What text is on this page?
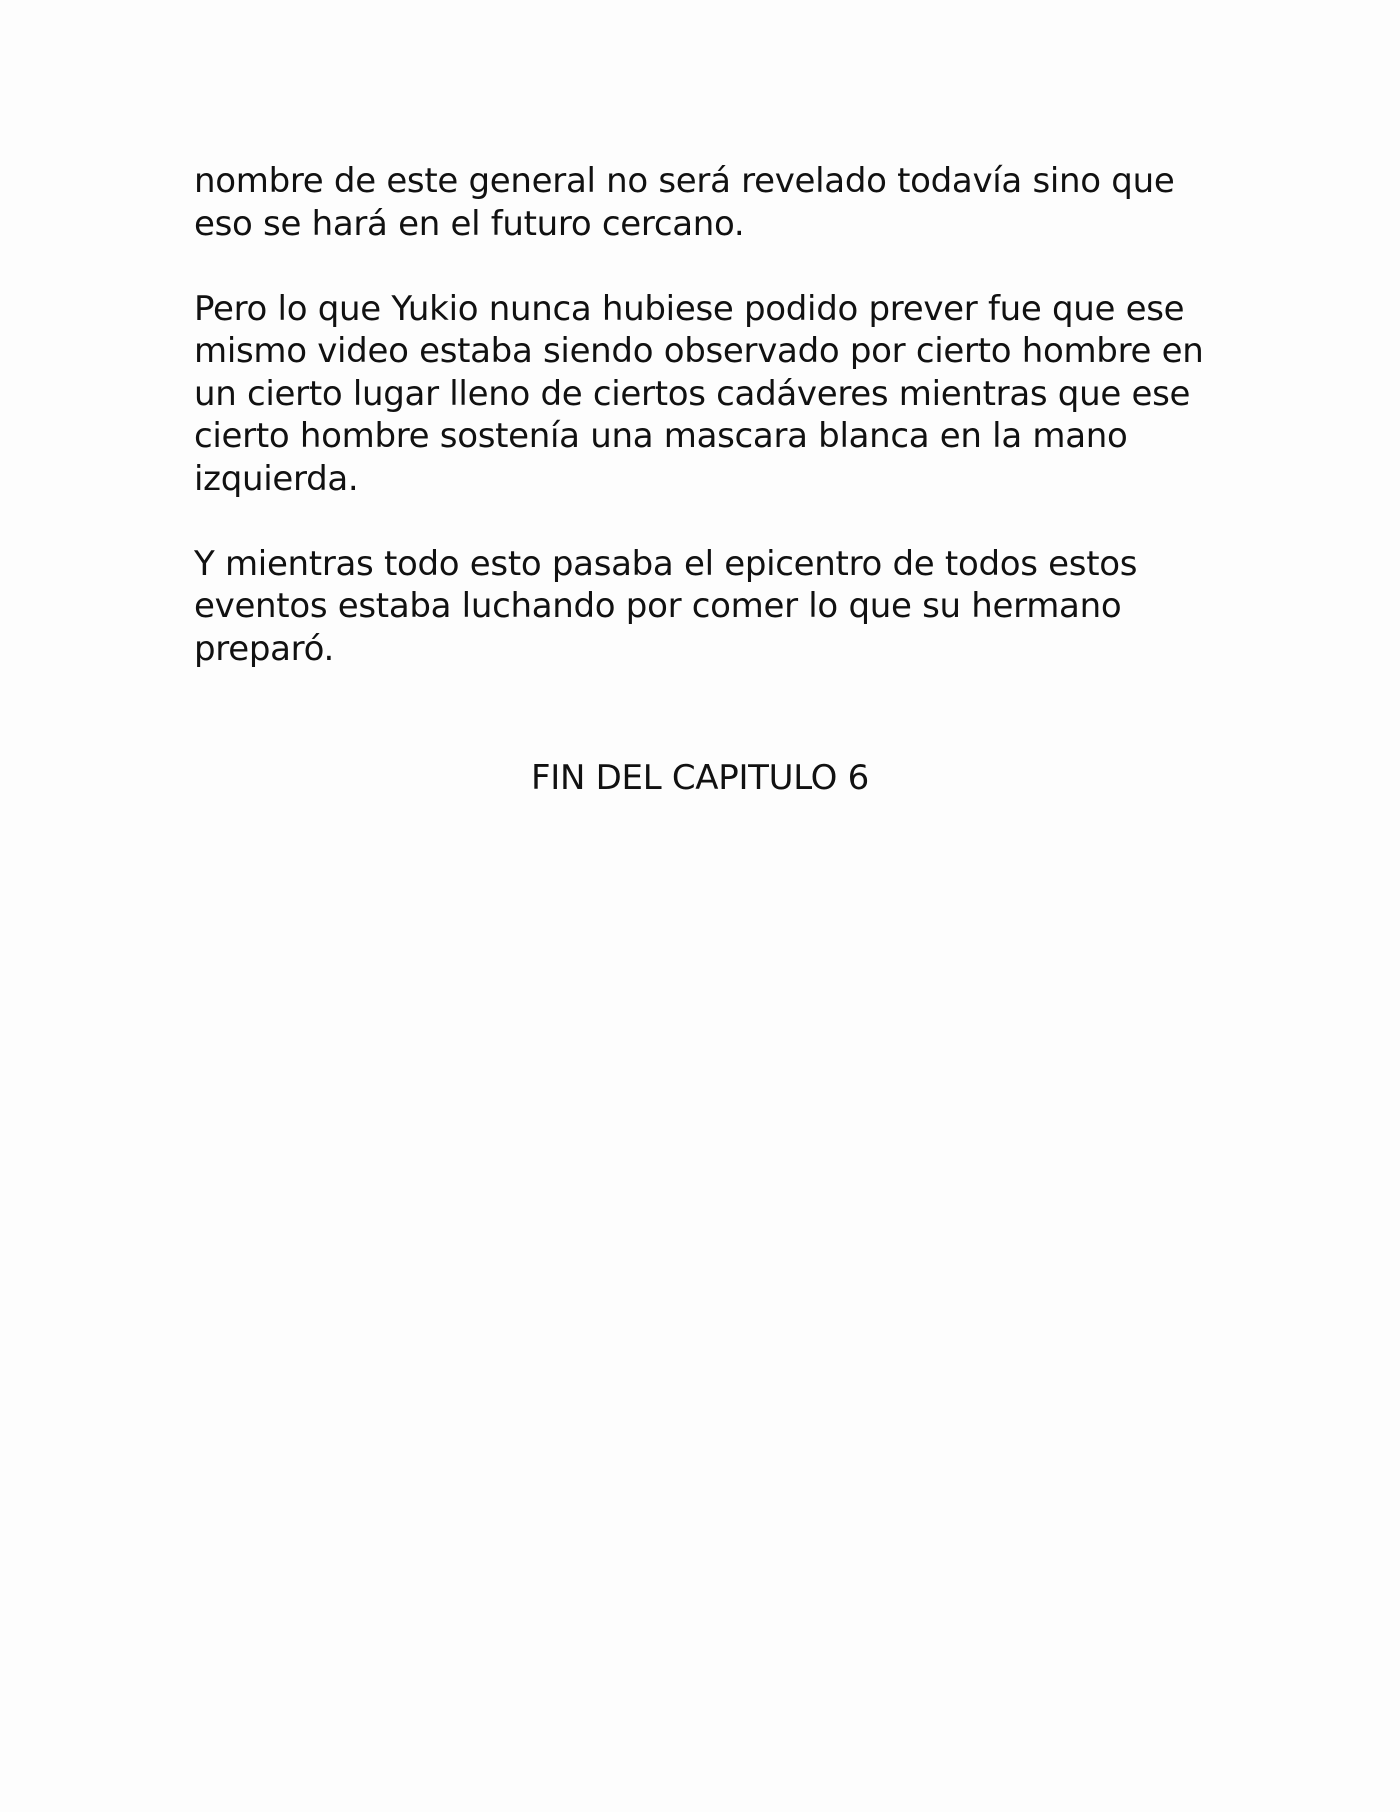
nombre de este general no será revelado todavía sino que
eso se hará en el futuro cercano.

Pero lo que Yukio nunca hubiese podido prever fue que ese
mismo video estaba siendo observado por cierto hombre en
un cierto lugar lleno de ciertos cadáveres mientras que ese
cierto hombre sostenía una mascara blanca en la mano
izquierda.

Y mientras todo esto pasaba el epicentro de todos estos
eventos estaba luchando por comer lo que su hermano
preparó.

FIN DEL CAPITULO 6
